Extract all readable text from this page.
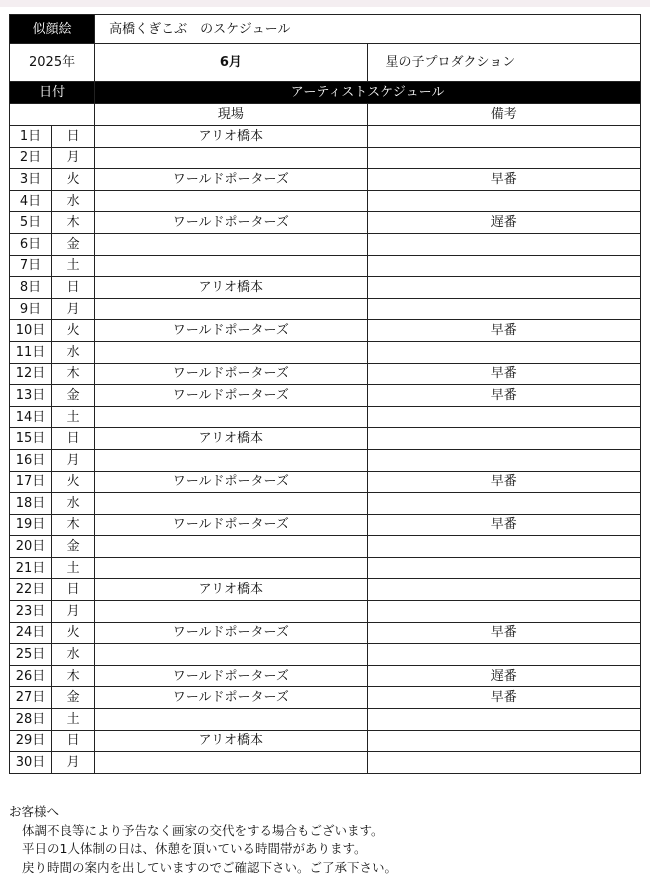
似顔絵		高橋くぎこぶ　のスケジュール	
2025年		6月	星の子プロダクション
日付		アーティストスケジュール	
		現場	備考
1日	日	アリオ橋本	
2日	月		
3日	火	ワールドポーターズ	早番
4日	水		
5日	木	ワールドポーターズ	遅番
6日	金		
7日	土		
8日	日	アリオ橋本	
9日	月		
10日	火	ワールドポーターズ	早番
11日	水		
12日	木	ワールドポーターズ	早番
13日	金	ワールドポーターズ	早番
14日	土		
15日	日	アリオ橋本	
16日	月		
17日	火	ワールドポーターズ	早番
18日	水		
19日	木	ワールドポーターズ	早番
20日	金		
21日	土		
22日	日	アリオ橋本	
23日	月		
24日	火	ワールドポーターズ	早番
25日	水		
26日	木	ワールドポーターズ	遅番
27日	金	ワールドポーターズ	早番
28日	土		
29日	日	アリオ橋本	
30日	月		
お客様へ
体調不良等により予告なく画家の交代をする場合もございます。
平日の1人体制の日は、休憩を頂いている時間帯があります。
戻り時間の案内を出していますのでご確認下さい。ご了承下さい。
